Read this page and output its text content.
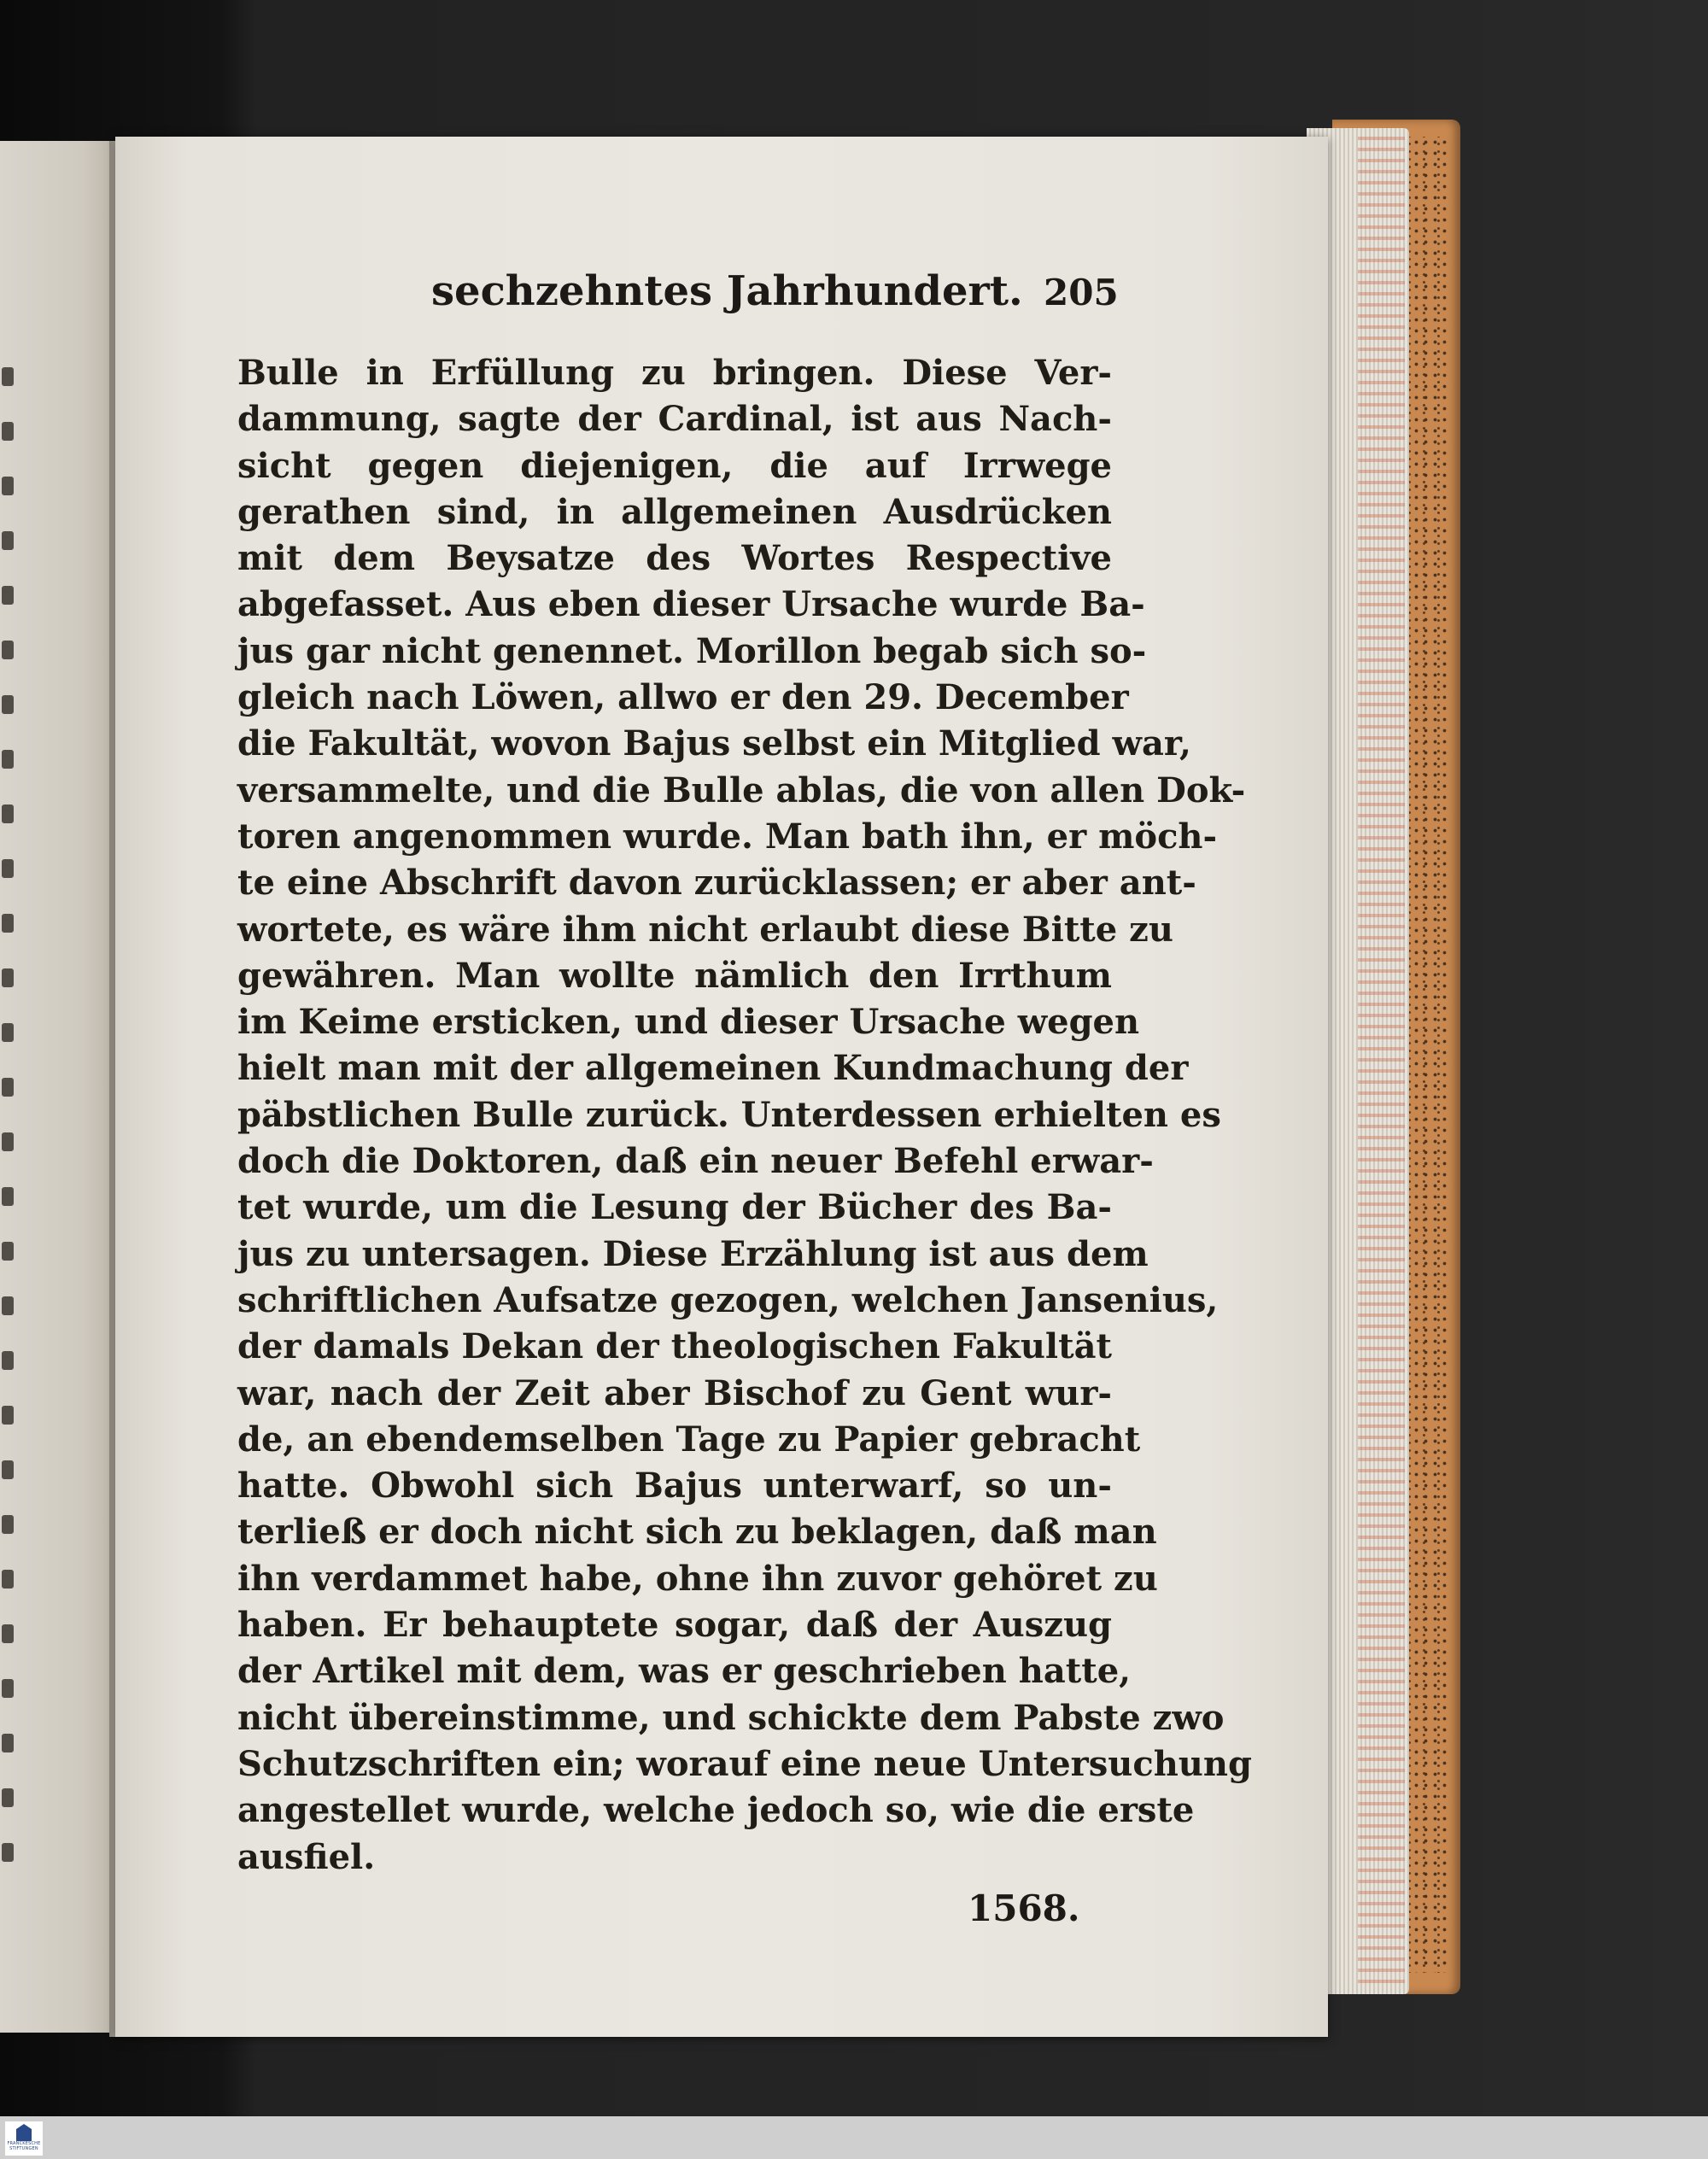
sechzehntes Jahrhundert. 205
Bulle in Erfüllung zu bringen. Diese Ver-
dammung, sagte der Cardinal, ist aus Nach-
sicht gegen diejenigen, die auf Irrwege
gerathen sind, in allgemeinen Ausdrücken
mit dem Beysatze des Wortes Respective
abgefasset. Aus eben dieser Ursache wurde Ba-
jus gar nicht genennet. Morillon begab sich so-
gleich nach Löwen, allwo er den 29. December
die Fakultät, wovon Bajus selbst ein Mitglied war,
versammelte, und die Bulle ablas, die von allen Dok-
toren angenommen wurde. Man bath ihn, er möch-
te eine Abschrift davon zurücklassen; er aber ant-
wortete, es wäre ihm nicht erlaubt diese Bitte zu
gewähren. Man wollte nämlich den Irrthum
im Keime ersticken, und dieser Ursache wegen
hielt man mit der allgemeinen Kundmachung der
päbstlichen Bulle zurück. Unterdessen erhielten es
doch die Doktoren, daß ein neuer Befehl erwar-
tet wurde, um die Lesung der Bücher des Ba-
jus zu untersagen. Diese Erzählung ist aus dem
schriftlichen Aufsatze gezogen, welchen Jansenius,
der damals Dekan der theologischen Fakultät
war, nach der Zeit aber Bischof zu Gent wur-
de, an ebendemselben Tage zu Papier gebracht
hatte. Obwohl sich Bajus unterwarf, so un-
terließ er doch nicht sich zu beklagen, daß man
ihn verdammet habe, ohne ihn zuvor gehöret zu
haben. Er behauptete sogar, daß der Auszug
der Artikel mit dem, was er geschrieben hatte,
nicht übereinstimme, und schickte dem Pabste zwo
Schutzschriften ein; worauf eine neue Untersuchung
angestellet wurde, welche jedoch so, wie die erste
ausfiel.
1568.
FRANCKESCHE STIFTUNGEN
